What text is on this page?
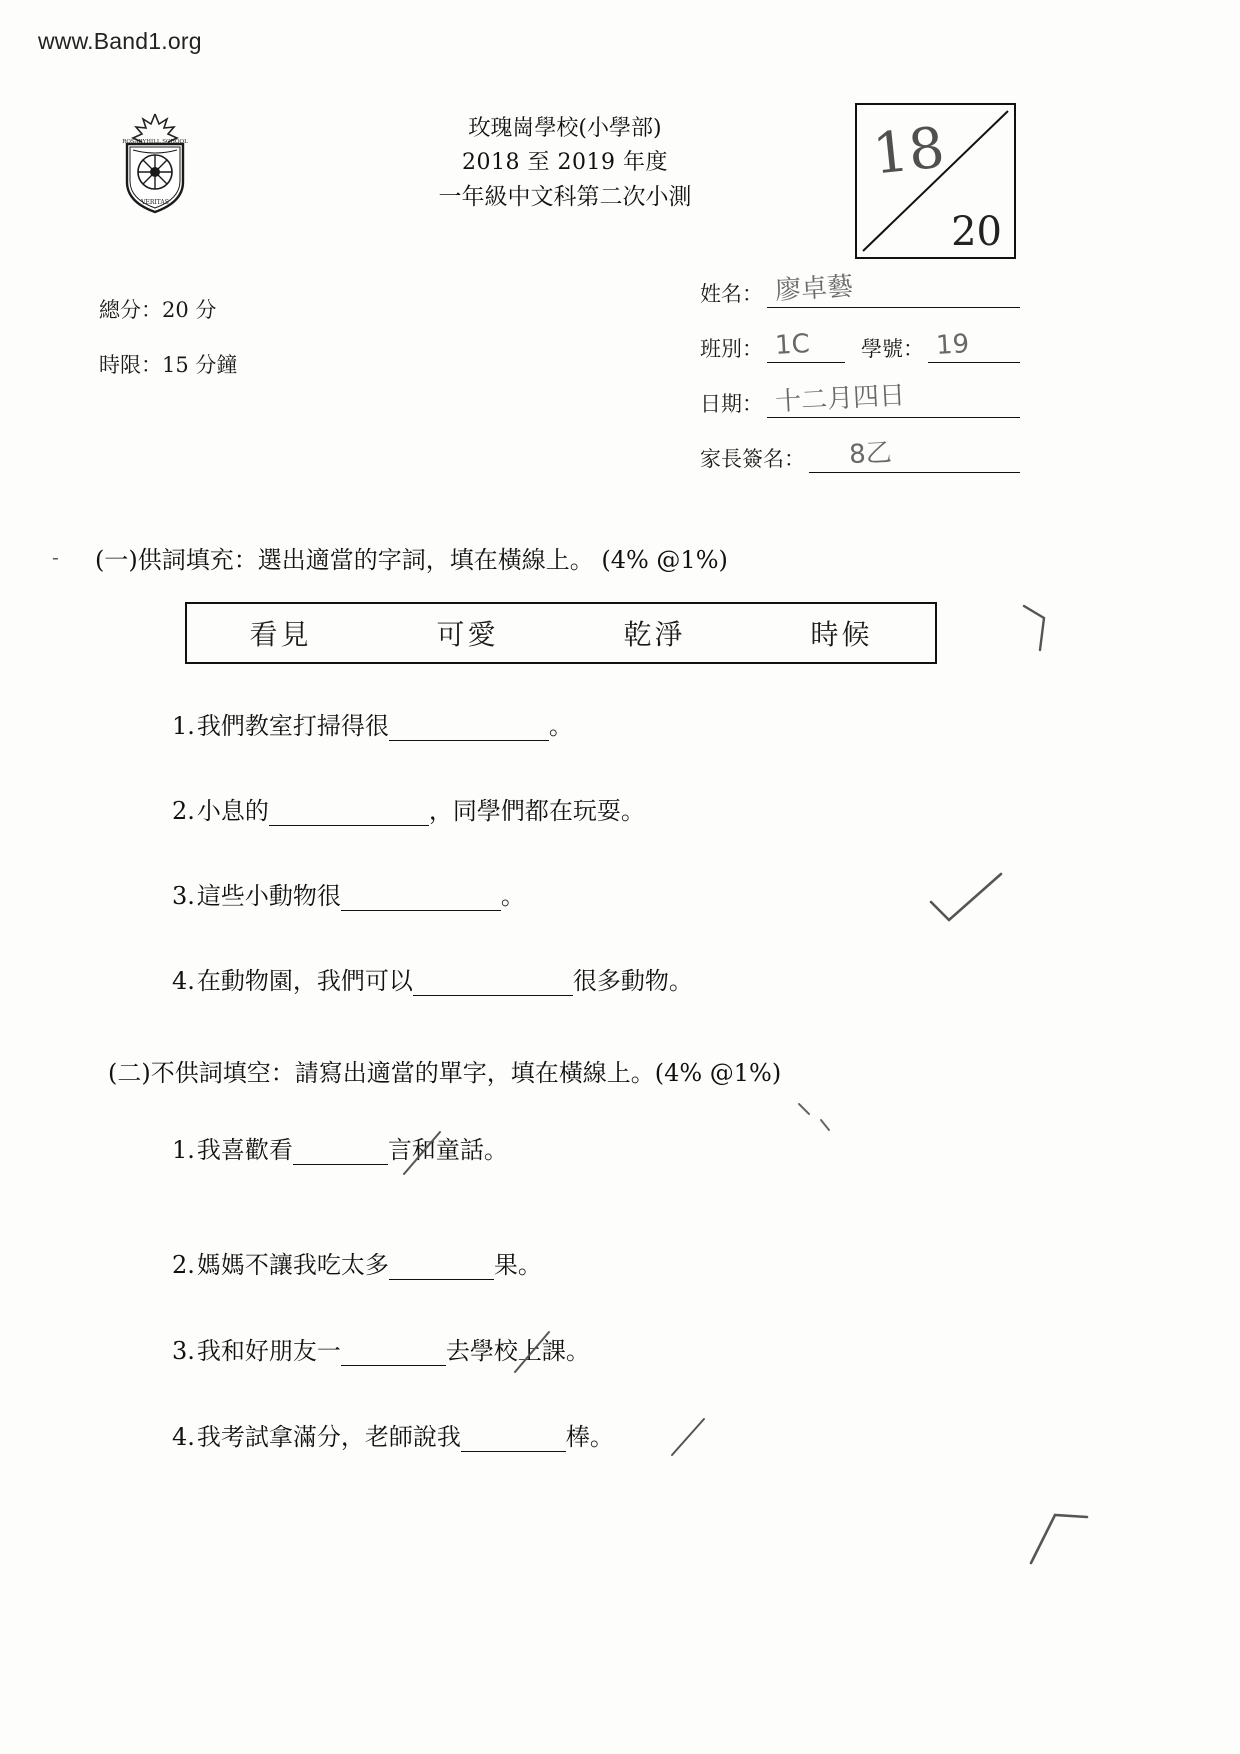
www.Band1.org
VERITAS
ROSARYHILL SCHOOL
玫瑰崗學校(小學部)
2018 至 2019 年度
一年級中文科第二次小測
18
20
總分：20 分
時限：15 分鐘
姓名： 廖卓藝
班別： 1C 學號： 19
日期： 十二月四日
家長簽名： 8乙
- (一)供詞填充：選出適當的字詞，填在橫線上。 (4% @1%)
看見	可愛	乾淨	時候
1.我們教室打掃得很	。
2.小息的	，同學們都在玩耍。
3.這些小動物很	。
4.在動物園，我們可以	很多動物。
(二)不供詞填空：請寫出適當的單字，填在橫線上。(4% @1%)
1.我喜歡看	言和童話。
2.媽媽不讓我吃太多	果。
3.我和好朋友一	去學校上課。
4.我考試拿滿分，老師說我	棒。
